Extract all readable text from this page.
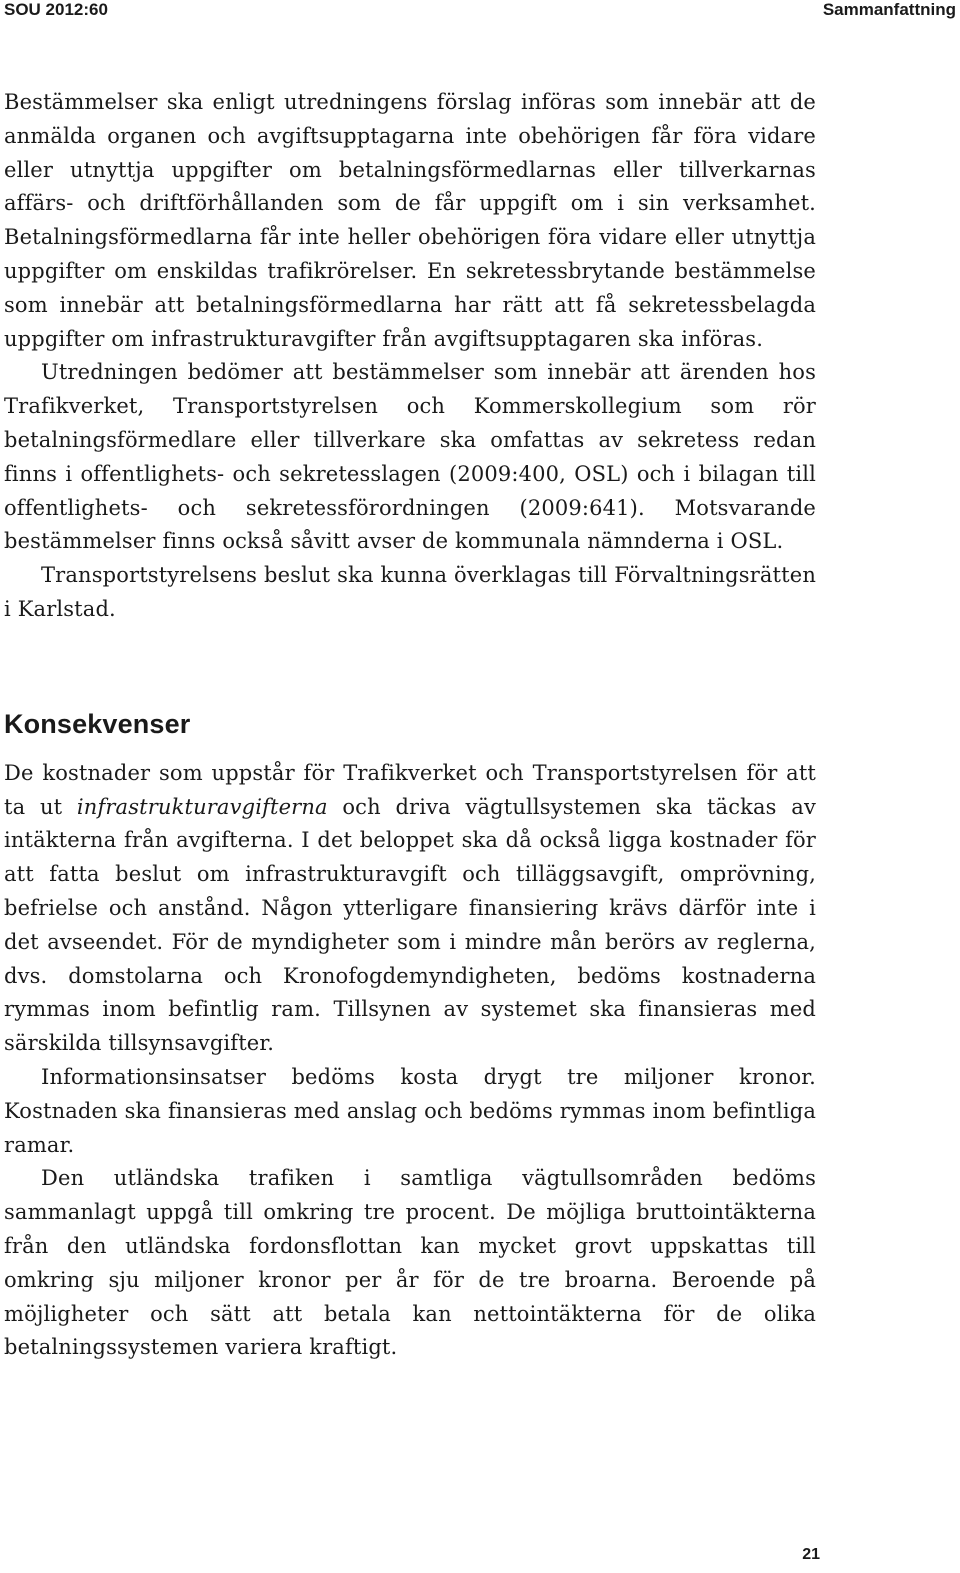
SOU 2012:60	Sammanfattning

Bestämmelser ska enligt utredningens förslag införas som innebär att de anmälda organen och avgiftsupptagarna inte obehörigen får föra vidare eller utnyttja uppgifter om betalningsförmedlarnas eller tillverkarnas affärs- och driftförhållanden som de får uppgift om i sin verksamhet. Betalningsförmedlarna får inte heller obehörigen föra vidare eller utnyttja uppgifter om enskildas trafikrörelser. En sekretessbrytande bestämmelse som innebär att betalningsförmedlarna har rätt att få sekretessbelagda uppgifter om infrastrukturavgifter från avgiftsupptagaren ska införas.

Utredningen bedömer att bestämmelser som innebär att ärenden hos Trafikverket, Transportstyrelsen och Kommerskollegium som rör betalningsförmedlare eller tillverkare ska omfattas av sekretess redan finns i offentlighets- och sekretesslagen (2009:400, OSL) och i bilagan till offentlighets- och sekretessförordningen (2009:641). Motsvarande bestämmelser finns också såvitt avser de kommunala nämnderna i OSL.

Transportstyrelsens beslut ska kunna överklagas till Förvaltningsrätten i Karlstad.

Konsekvenser

De kostnader som uppstår för Trafikverket och Transportstyrelsen för att ta ut infrastrukturavgifterna och driva vägtullsystemen ska täckas av intäkterna från avgifterna. I det beloppet ska då också ligga kostnader för att fatta beslut om infrastrukturavgift och tilläggsavgift, omprövning, befrielse och anstånd. Någon ytterligare finansiering krävs därför inte i det avseendet. För de myndigheter som i mindre mån berörs av reglerna, dvs. domstolarna och Kronofogdemyndigheten, bedöms kostnaderna rymmas inom befintlig ram. Tillsynen av systemet ska finansieras med särskilda tillsynsavgifter.

Informationsinsatser bedöms kosta drygt tre miljoner kronor. Kostnaden ska finansieras med anslag och bedöms rymmas inom befintliga ramar.

Den utländska trafiken i samtliga vägtullsområden bedöms sammanlagt uppgå till omkring tre procent. De möjliga bruttointäkterna från den utländska fordonsflottan kan mycket grovt uppskattas till omkring sju miljoner kronor per år för de tre broarna. Beroende på möjligheter och sätt att betala kan nettointäkterna för de olika betalningssystemen variera kraftigt.

21
